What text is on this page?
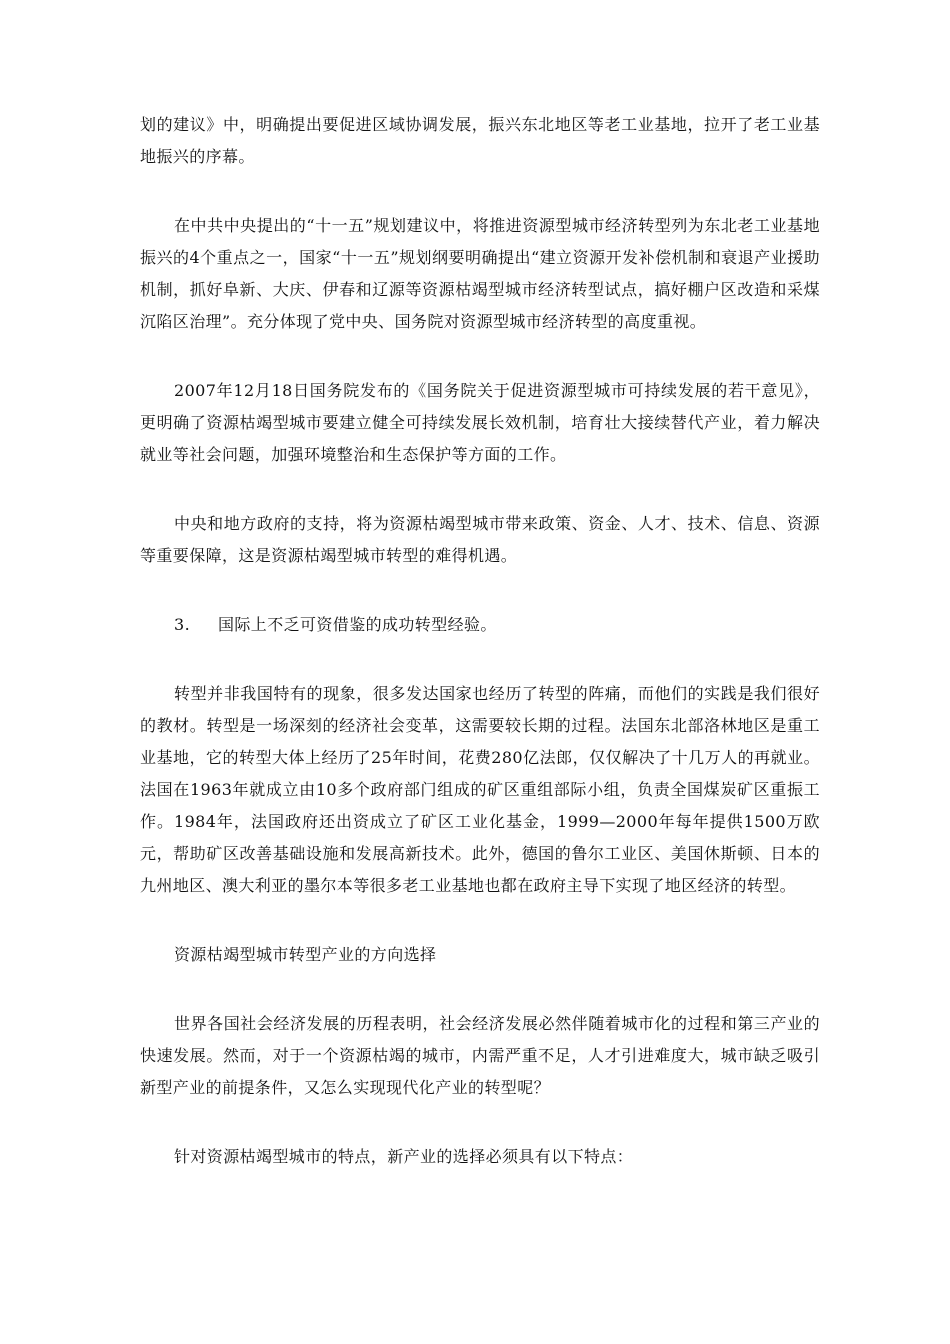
划的建议》中，明确提出要促进区域协调发展，振兴东北地区等老工业基地，拉开了老工业基地振兴的序幕。

在中共中央提出的“十一五”规划建议中，将推进资源型城市经济转型列为东北老工业基地振兴的4个重点之一，国家“十一五”规划纲要明确提出“建立资源开发补偿机制和衰退产业援助机制，抓好阜新、大庆、伊春和辽源等资源枯竭型城市经济转型试点，搞好棚户区改造和采煤沉陷区治理”。充分体现了党中央、国务院对资源型城市经济转型的高度重视。

2007年12月18日国务院发布的《国务院关于促进资源型城市可持续发展的若干意见》，更明确了资源枯竭型城市要建立健全可持续发展长效机制，培育壮大接续替代产业，着力解决就业等社会问题，加强环境整治和生态保护等方面的工作。

中央和地方政府的支持，将为资源枯竭型城市带来政策、资金、人才、技术、信息、资源等重要保障，这是资源枯竭型城市转型的难得机遇。

3. 国际上不乏可资借鉴的成功转型经验。

转型并非我国特有的现象，很多发达国家也经历了转型的阵痛，而他们的实践是我们很好的教材。转型是一场深刻的经济社会变革，这需要较长期的过程。法国东北部洛林地区是重工业基地，它的转型大体上经历了25年时间，花费280亿法郎，仅仅解决了十几万人的再就业。法国在1963年就成立由10多个政府部门组成的矿区重组部际小组，负责全国煤炭矿区重振工作。1984年，法国政府还出资成立了矿区工业化基金，1999—2000年每年提供1500万欧元，帮助矿区改善基础设施和发展高新技术。此外，德国的鲁尔工业区、美国休斯顿、日本的九州地区、澳大利亚的墨尔本等很多老工业基地也都在政府主导下实现了地区经济的转型。

资源枯竭型城市转型产业的方向选择

世界各国社会经济发展的历程表明，社会经济发展必然伴随着城市化的过程和第三产业的快速发展。然而，对于一个资源枯竭的城市，内需严重不足，人才引进难度大，城市缺乏吸引新型产业的前提条件，又怎么实现现代化产业的转型呢？

针对资源枯竭型城市的特点，新产业的选择必须具有以下特点：
